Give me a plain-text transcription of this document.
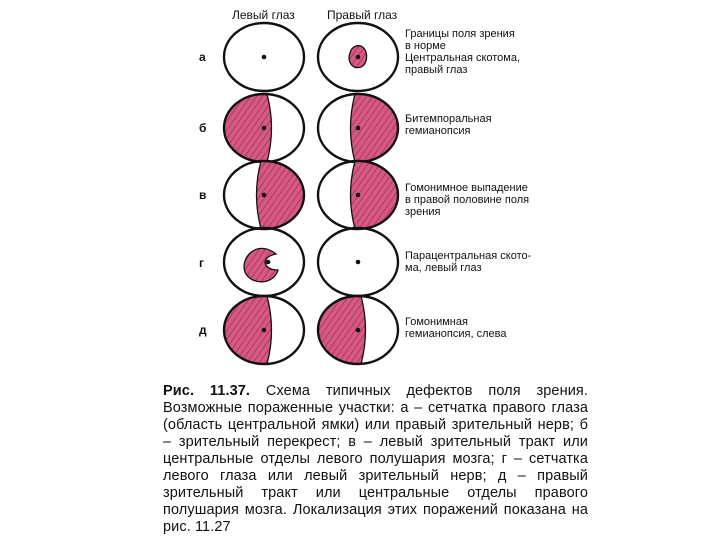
Левый глаз	Правый глаз
а
б
в
г
д
Границы поля зрения
в норме
Центральная скотома,
правый глаз
Битемпоральная
гемианопсия
Гомонимное выпадение
в правой половине поля
зрения
Парацентральная ското-
ма, левый глаз
Гомонимная
гемианопсия, слева
Рис. 11.37. Схема типичных дефектов поля зрения. Возможные пораженные участки: а – сетчатка правого глаза (область центральной ямки) или правый зрительный нерв; б – зрительный перекрест; в – левый зрительный тракт или центральные отделы левого полушария мозга; г – сетчатка левого глаза или левый зрительный нерв; д – правый зрительный тракт или центральные отделы правого полушария мозга. Локализация этих поражений показана на рис. 11.27
